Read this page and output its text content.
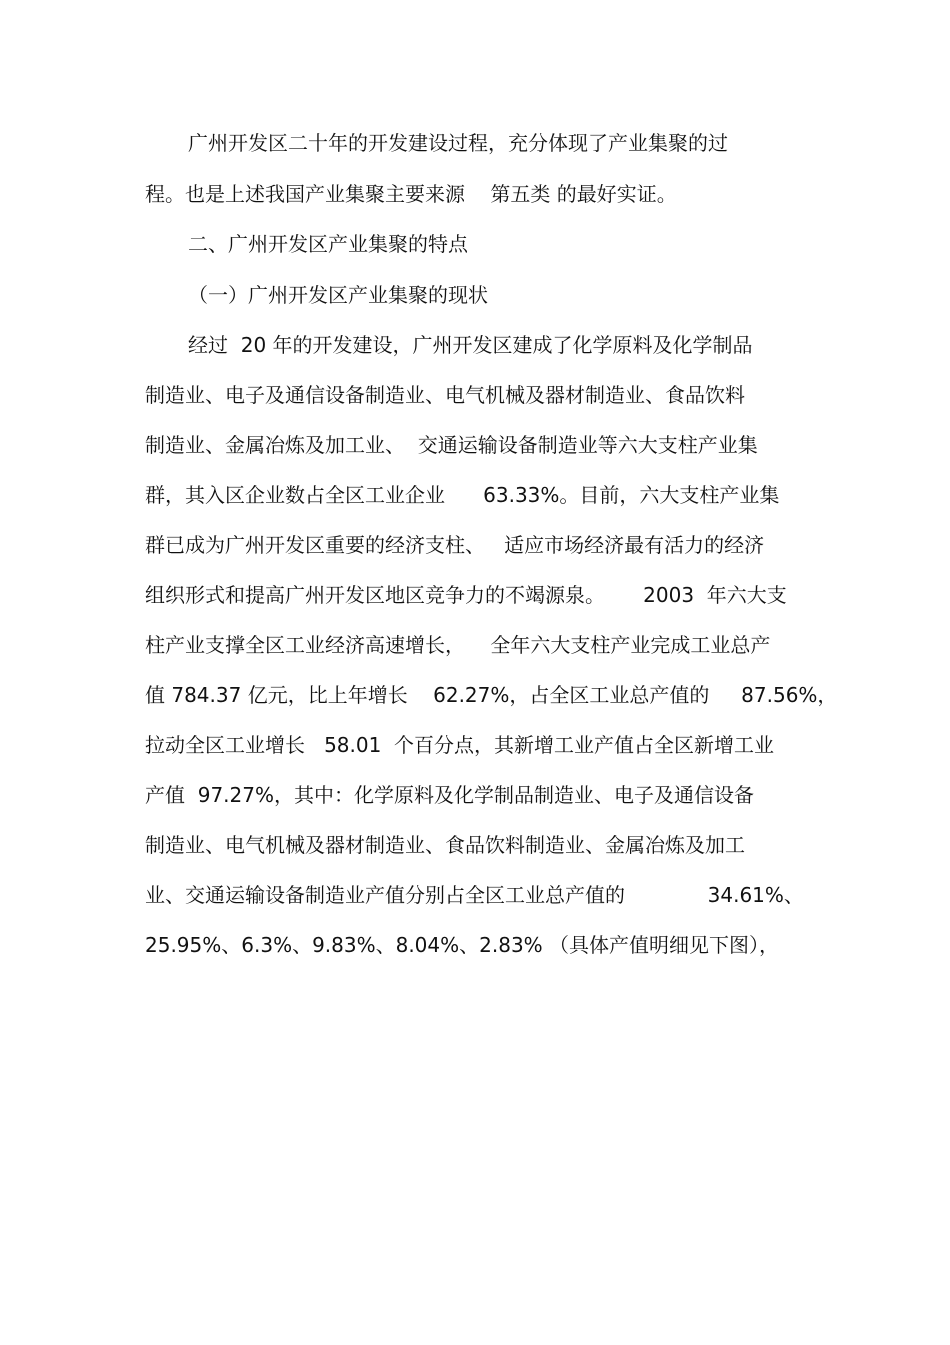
广州开发区二十年的开发建设过程，充分体现了产业集聚的过
程。也是上述我国产业集聚主要来源    第五类 的最好实证。
二、广州开发区产业集聚的特点
（一）广州开发区产业集聚的现状
经过  20 年的开发建设，广州开发区建成了化学原料及化学制品
制造业、电子及通信设备制造业、电气机械及器材制造业、食品饮料
制造业、金属冶炼及加工业、  交通运输设备制造业等六大支柱产业集
群，其入区企业数占全区工业企业      63.33%。目前，六大支柱产业集
群已成为广州开发区重要的经济支柱、   适应市场经济最有活力的经济
组织形式和提高广州开发区地区竞争力的不竭源泉。      2003  年六大支
柱产业支撑全区工业经济高速增长，    全年六大支柱产业完成工业总产
值 784.37 亿元，比上年增长    62.27%，占全区工业总产值的     87.56%，
拉动全区工业增长   58.01  个百分点，其新增工业产值占全区新增工业
产值  97.27%，其中：化学原料及化学制品制造业、电子及通信设备
制造业、电气机械及器材制造业、食品饮料制造业、金属冶炼及加工
业、交通运输设备制造业产值分别占全区工业总产值的             34.61%、
25.95%、6.3%、9.83%、8.04%、2.83% （具体产值明细见下图），
